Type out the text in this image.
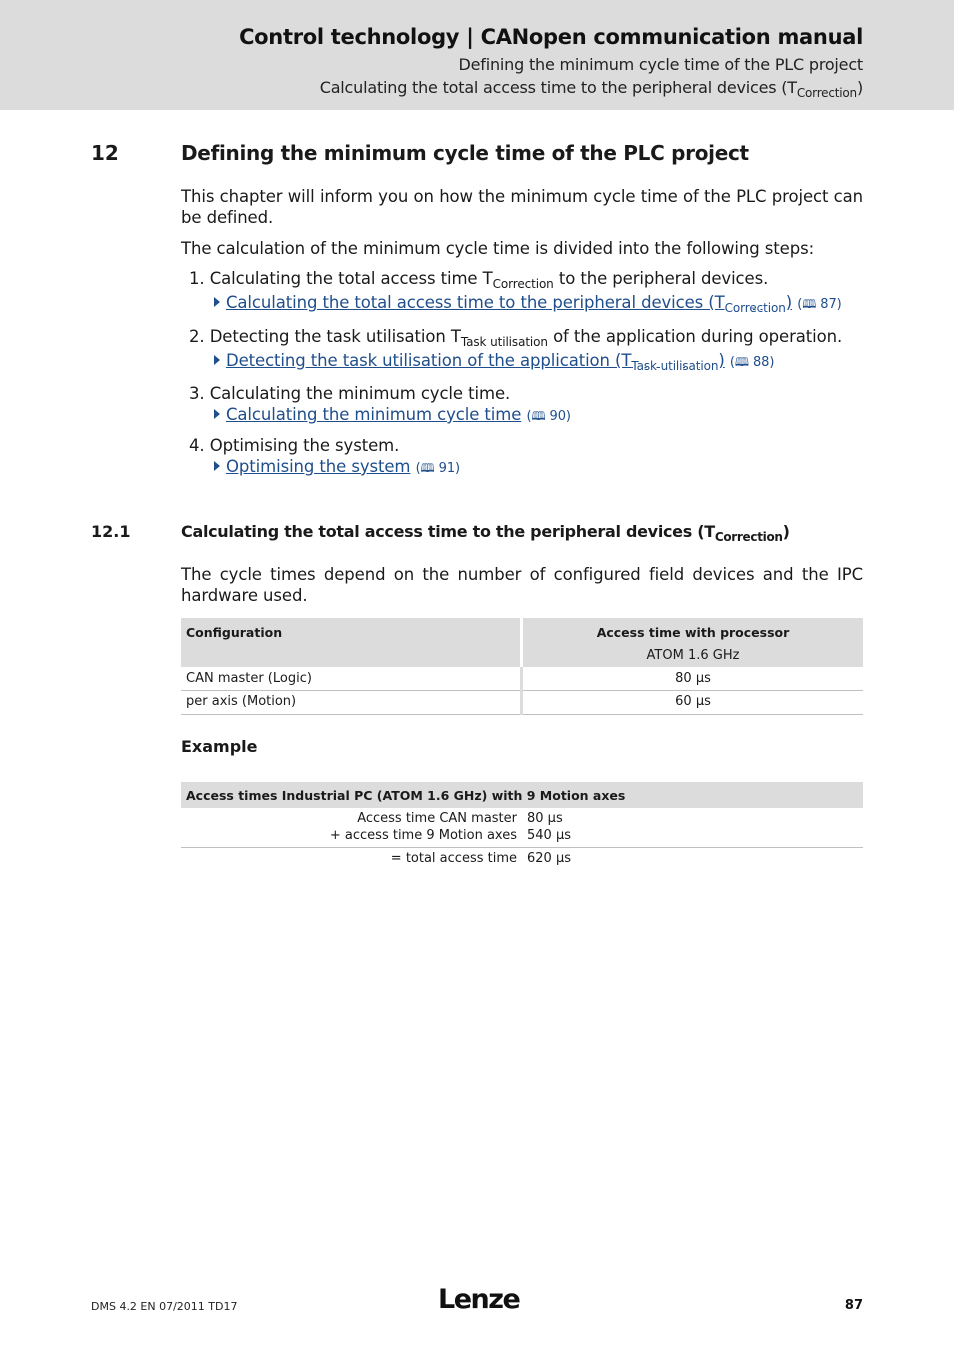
Control technology | CANopen communication manual
Defining the minimum cycle time of the PLC project
Calculating the total access time to the peripheral devices $(T_{Correction})$
12	Defining the minimum cycle time of the PLC project
This chapter will inform you on how the minimum cycle time of the PLC project can be defined.
The calculation of the minimum cycle time is divided into the following steps:
1. Calculating the total access time $T_{Correction}$ to the peripheral devices.
Calculating the total access time to the peripheral devices $(T_{Correction})$ (🕮 87)
2. Detecting the task utilisation $T_{Task utilisation}$ of the application during operation.
Detecting the task utilisation of the application $(T_{Task utilisation})$ (🕮 88)
3. Calculating the minimum cycle time.
Calculating the minimum cycle time (🕮 90)
4. Optimising the system.
Optimising the system (🕮 91)
12.1	Calculating the total access time to the peripheral devices $(T_{Correction})$
The cycle times depend on the number of configured field devices and the IPC hardware used.
Configuration	Access time with processor
ATOM 1.6 GHz
CAN master (Logic)	80 µs
per axis (Motion)	60 µs
Example
Access times Industrial PC (ATOM 1.6 GHz) with 9 Motion axes
Access time CAN master 80 µs
+ access time 9 Motion axes 540 µs
= total access time 620 µs
DMS 4.2 EN 07/2011 TD17	Lenze	87
